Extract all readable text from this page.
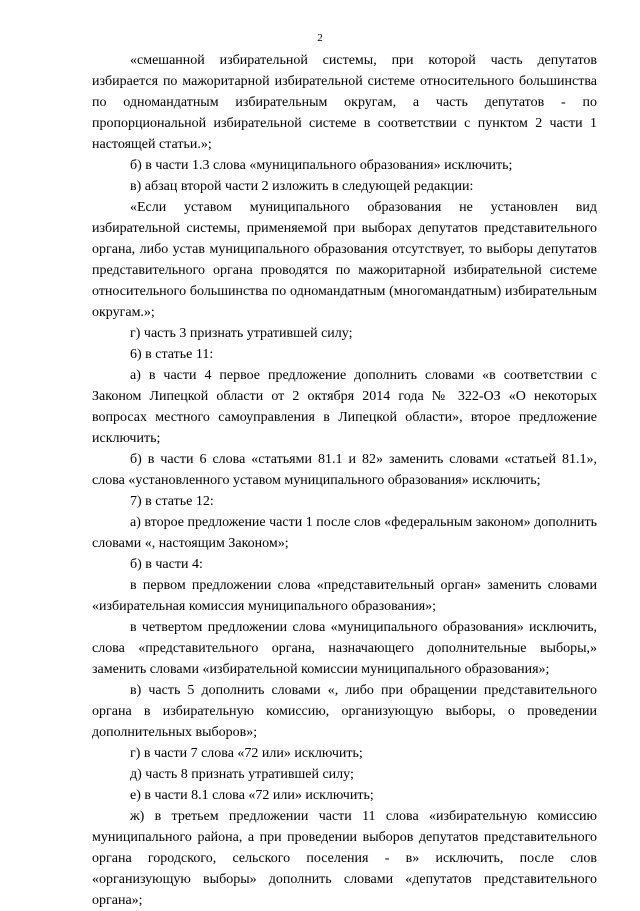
2

«смешанной избирательной системы, при которой часть депутатов избирается по мажоритарной избирательной системе относительного большинства по одномандатным избирательным округам, а часть депутатов - по пропорциональной избирательной системе в соответствии с пунктом 2 части 1 настоящей статьи.»;

б) в части 1.3 слова «муниципального образования» исключить;

в) абзац второй части 2 изложить в следующей редакции:

«Если уставом муниципального образования не установлен вид избирательной системы, применяемой при выборах депутатов представительного органа, либо устав муниципального образования отсутствует, то выборы депутатов представительного органа проводятся по мажоритарной избирательной системе относительного большинства по одномандатным (многомандатным) избирательным округам.»;

г) часть 3 признать утратившей силу;

6) в статье 11:

а) в части 4 первое предложение дополнить словами «в соответствии с Законом Липецкой области от 2 октября 2014 года № 322-ОЗ «О некоторых вопросах местного самоуправления в Липецкой области», второе предложение исключить;

б) в части 6 слова «статьями 81.1 и 82» заменить словами «статьей 81.1», слова «установленного уставом муниципального образования» исключить;

7) в статье 12:

а) второе предложение части 1 после слов «федеральным законом» дополнить словами «, настоящим Законом»;

б) в части 4:

в первом предложении слова «представительный орган» заменить словами «избирательная комиссия муниципального образования»;

в четвертом предложении слова «муниципального образования» исключить, слова «представительного органа, назначающего дополнительные выборы,» заменить словами «избирательной комиссии муниципального образования»;

в) часть 5 дополнить словами «, либо при обращении представительного органа в избирательную комиссию, организующую выборы, о проведении дополнительных выборов»;

г) в части 7 слова «72 или» исключить;

д) часть 8 признать утратившей силу;

е) в части 8.1 слова «72 или» исключить;

ж) в третьем предложении части 11 слова «избирательную комиссию муниципального района, а при проведении выборов депутатов представительного органа городского, сельского поселения - в» исключить, после слов «организующую выборы» дополнить словами «депутатов представительного органа»;
